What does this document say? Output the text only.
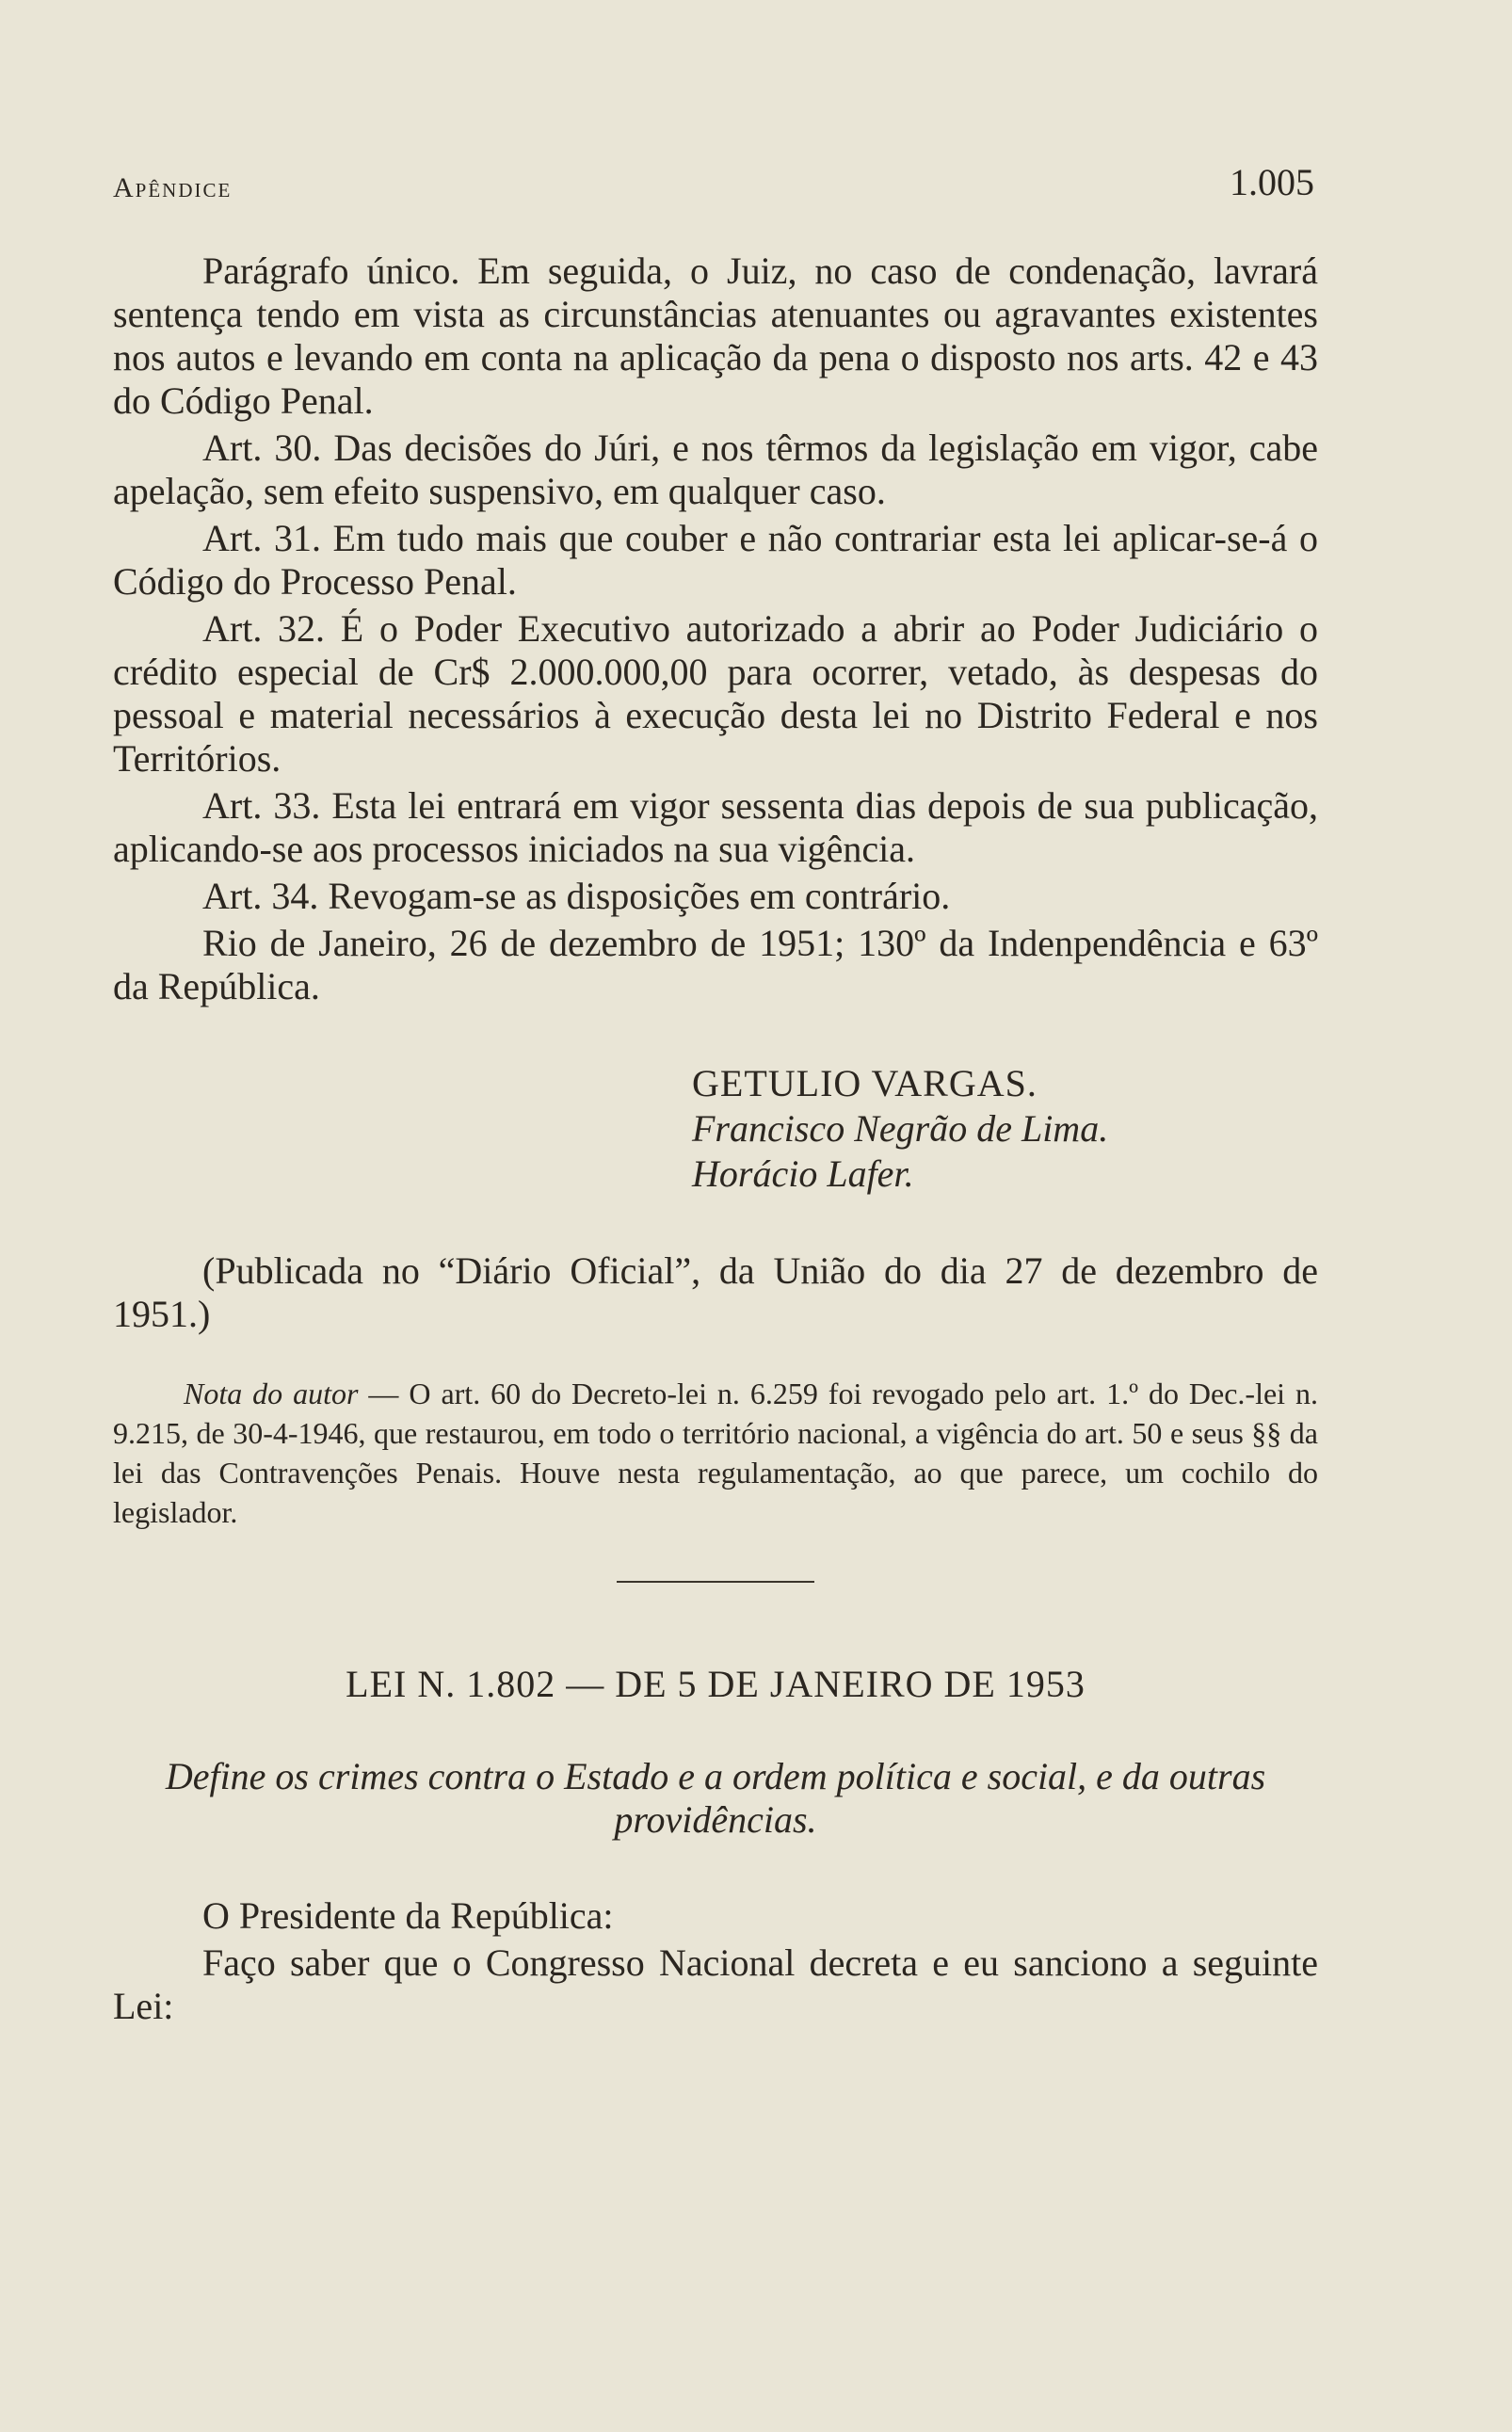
Apêndice	1.005

Parágrafo único. Em seguida, o Juiz, no caso de condenação, lavrará sentença tendo em vista as circunstâncias atenuantes ou agravantes existentes nos autos e levando em conta na aplicação da pena o disposto nos arts. 42 e 43 do Código Penal.

Art. 30. Das decisões do Júri, e nos têrmos da legislação em vigor, cabe apelação, sem efeito suspensivo, em qualquer caso.

Art. 31. Em tudo mais que couber e não contrariar esta lei aplicar-se-á o Código do Processo Penal.

Art. 32. É o Poder Executivo autorizado a abrir ao Poder Judiciário o crédito especial de Cr$ 2.000.000,00 para ocorrer, vetado, às despesas do pessoal e material necessários à execução desta lei no Distrito Federal e nos Territórios.

Art. 33. Esta lei entrará em vigor sessenta dias depois de sua publicação, aplicando-se aos processos iniciados na sua vigência.

Art. 34. Revogam-se as disposições em contrário.

Rio de Janeiro, 26 de dezembro de 1951; 130º da Indenpendência e 63º da República.

GETULIO VARGAS.
Francisco Negrão de Lima.
Horácio Lafer.

(Publicada no “Diário Oficial”, da União do dia 27 de dezembro de 1951.)

Nota do autor — O art. 60 do Decreto-lei n. 6.259 foi revogado pelo art. 1.º do Dec.-lei n. 9.215, de 30-4-1946, que restaurou, em todo o território nacional, a vigência do art. 50 e seus §§ da lei das Contravenções Penais. Houve nesta regulamentação, ao que parece, um cochilo do legislador.

LEI N. 1.802 — DE 5 DE JANEIRO DE 1953
Define os crimes contra o Estado e a ordem política e social, e da outras providências.

O Presidente da República:

Faço saber que o Congresso Nacional decreta e eu sanciono a seguinte Lei:
